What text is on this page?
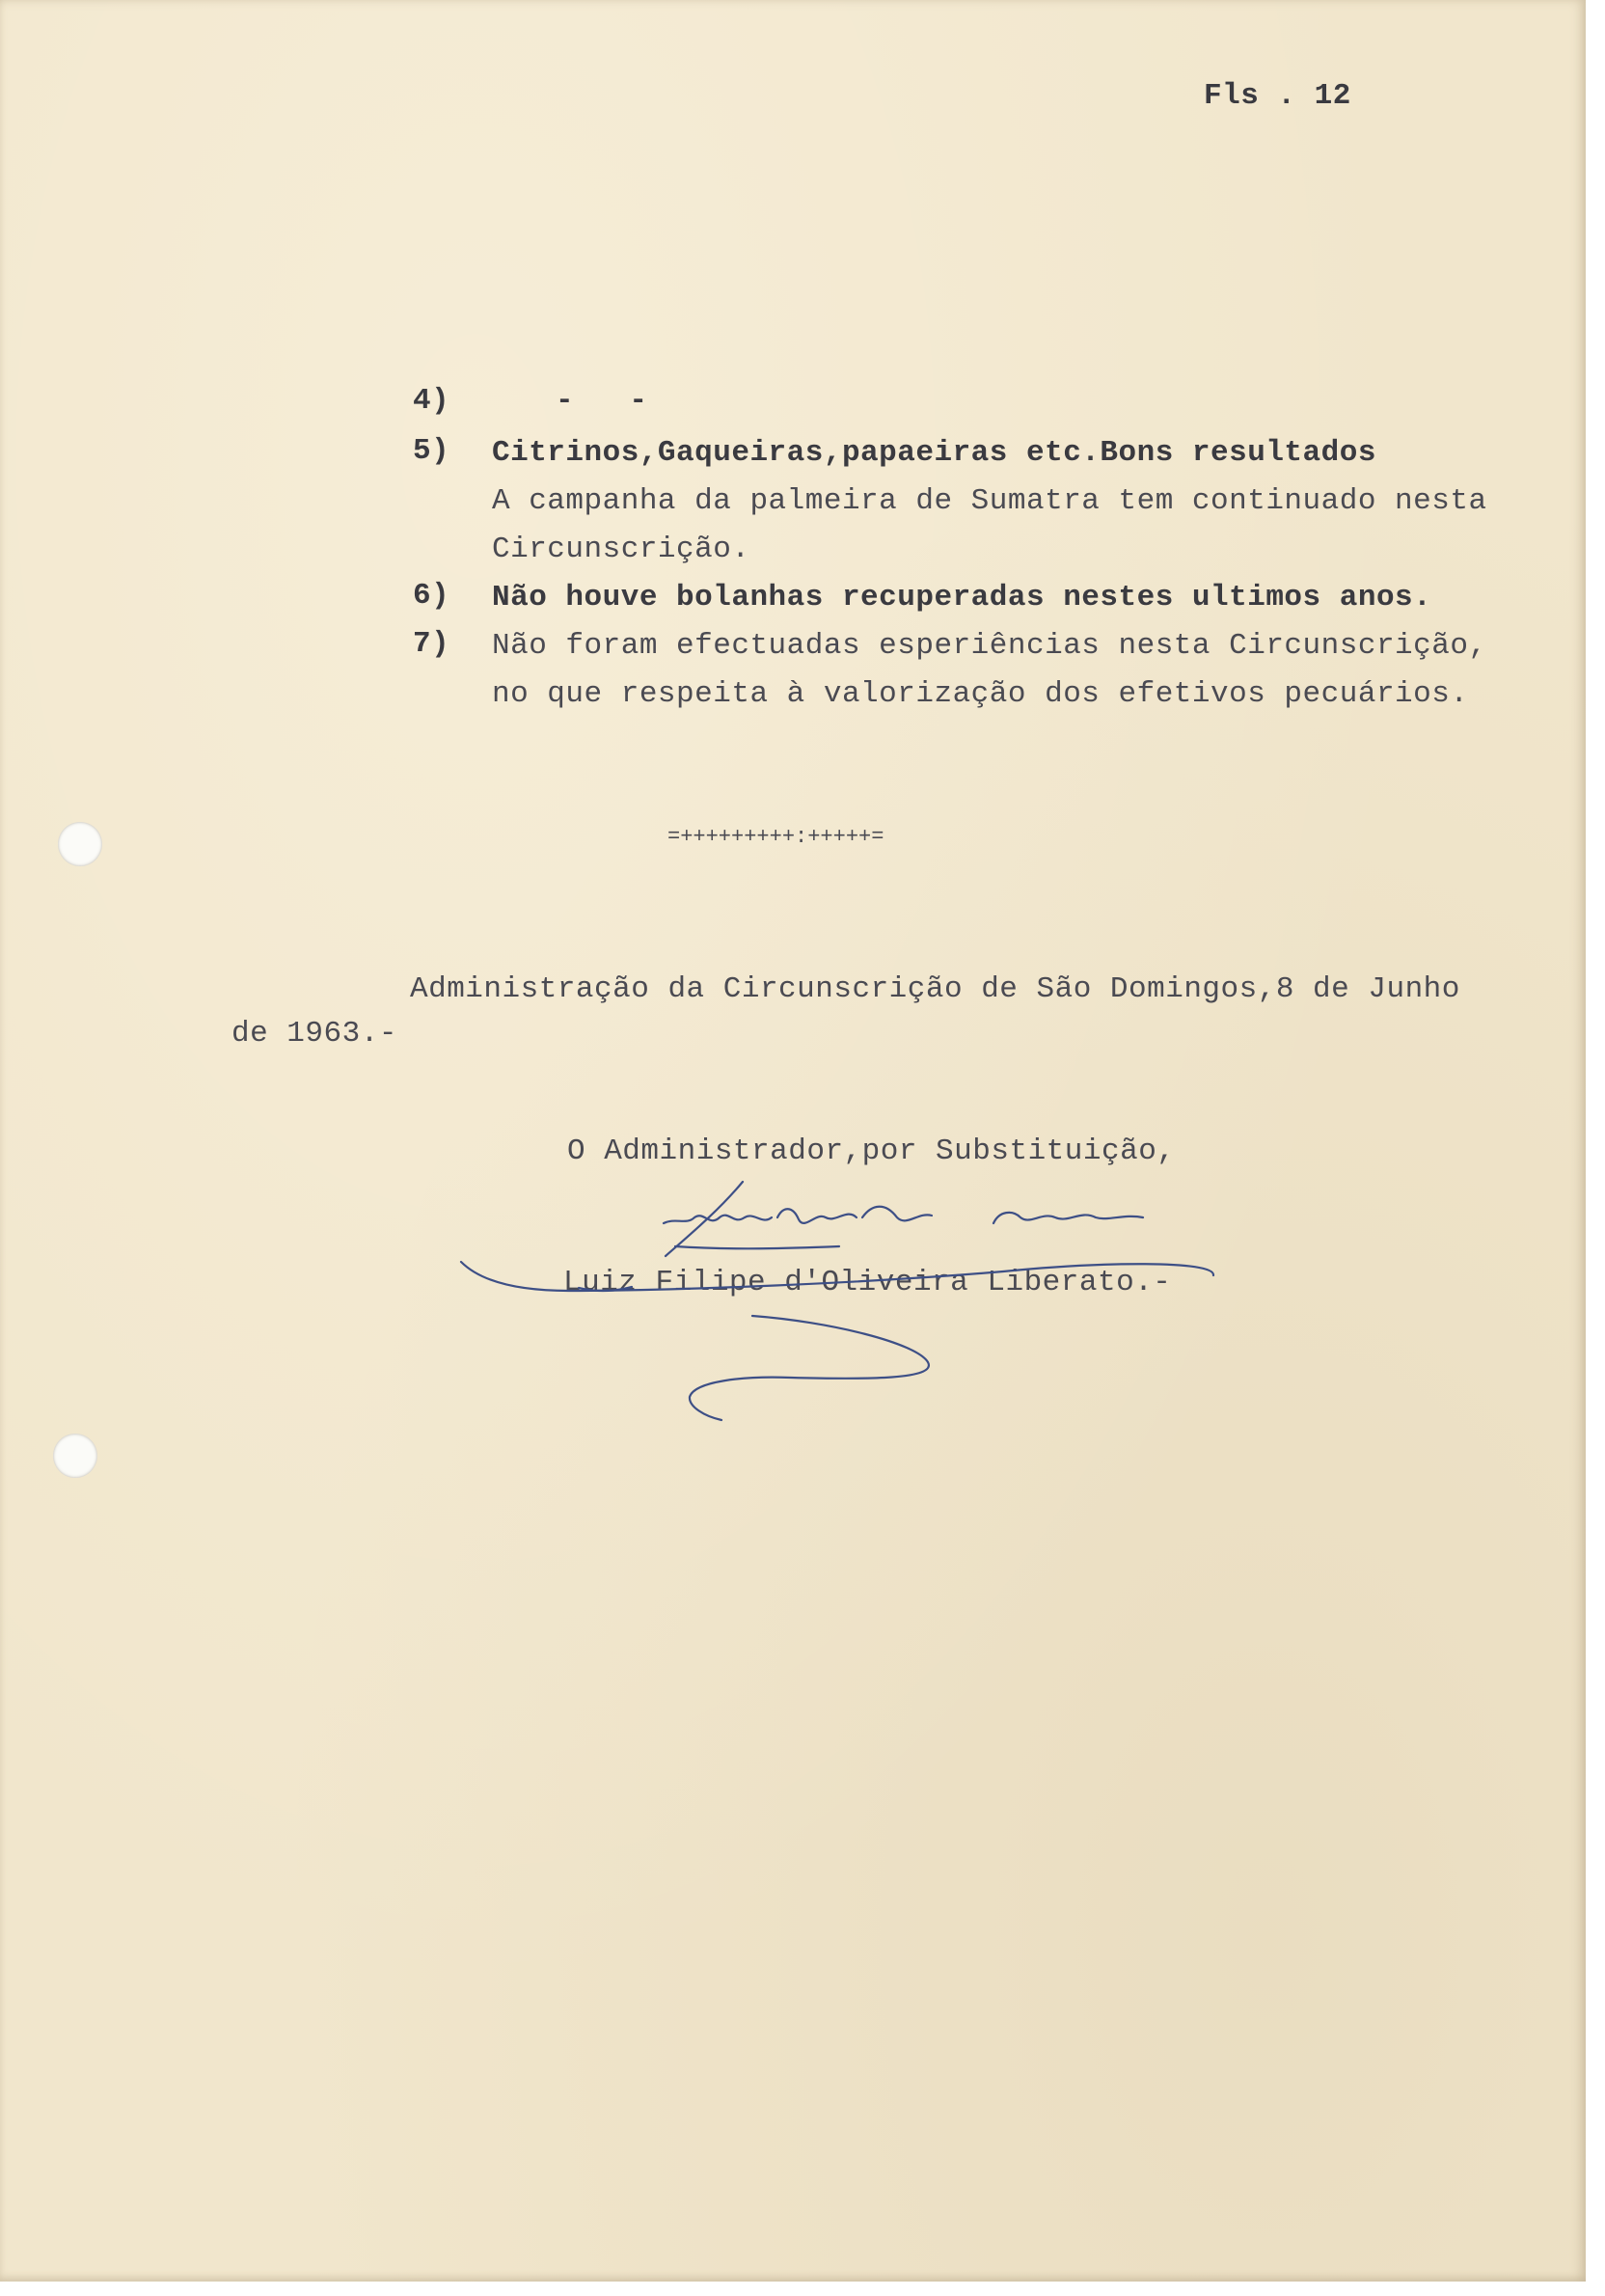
Fls . 12
4)	-   -
5) Citrinos,Gaqueiras,papaeiras etc.Bons resultados
A campanha da palmeira de Sumatra tem continuado nesta
Circunscrição.
6) Não houve bolanhas recuperadas nestes ultimos anos.
7) Não foram efectuadas esperiências nesta Circunscrição,
no que respeita à valorização dos efetivos pecuários.
=+++++++++:+++++=
Administração da Circunscrição de São Domingos,8 de Junho
de 1963.-
O Administrador,por Substituição,
Luiz Filipe d'Oliveira Liberato.-
